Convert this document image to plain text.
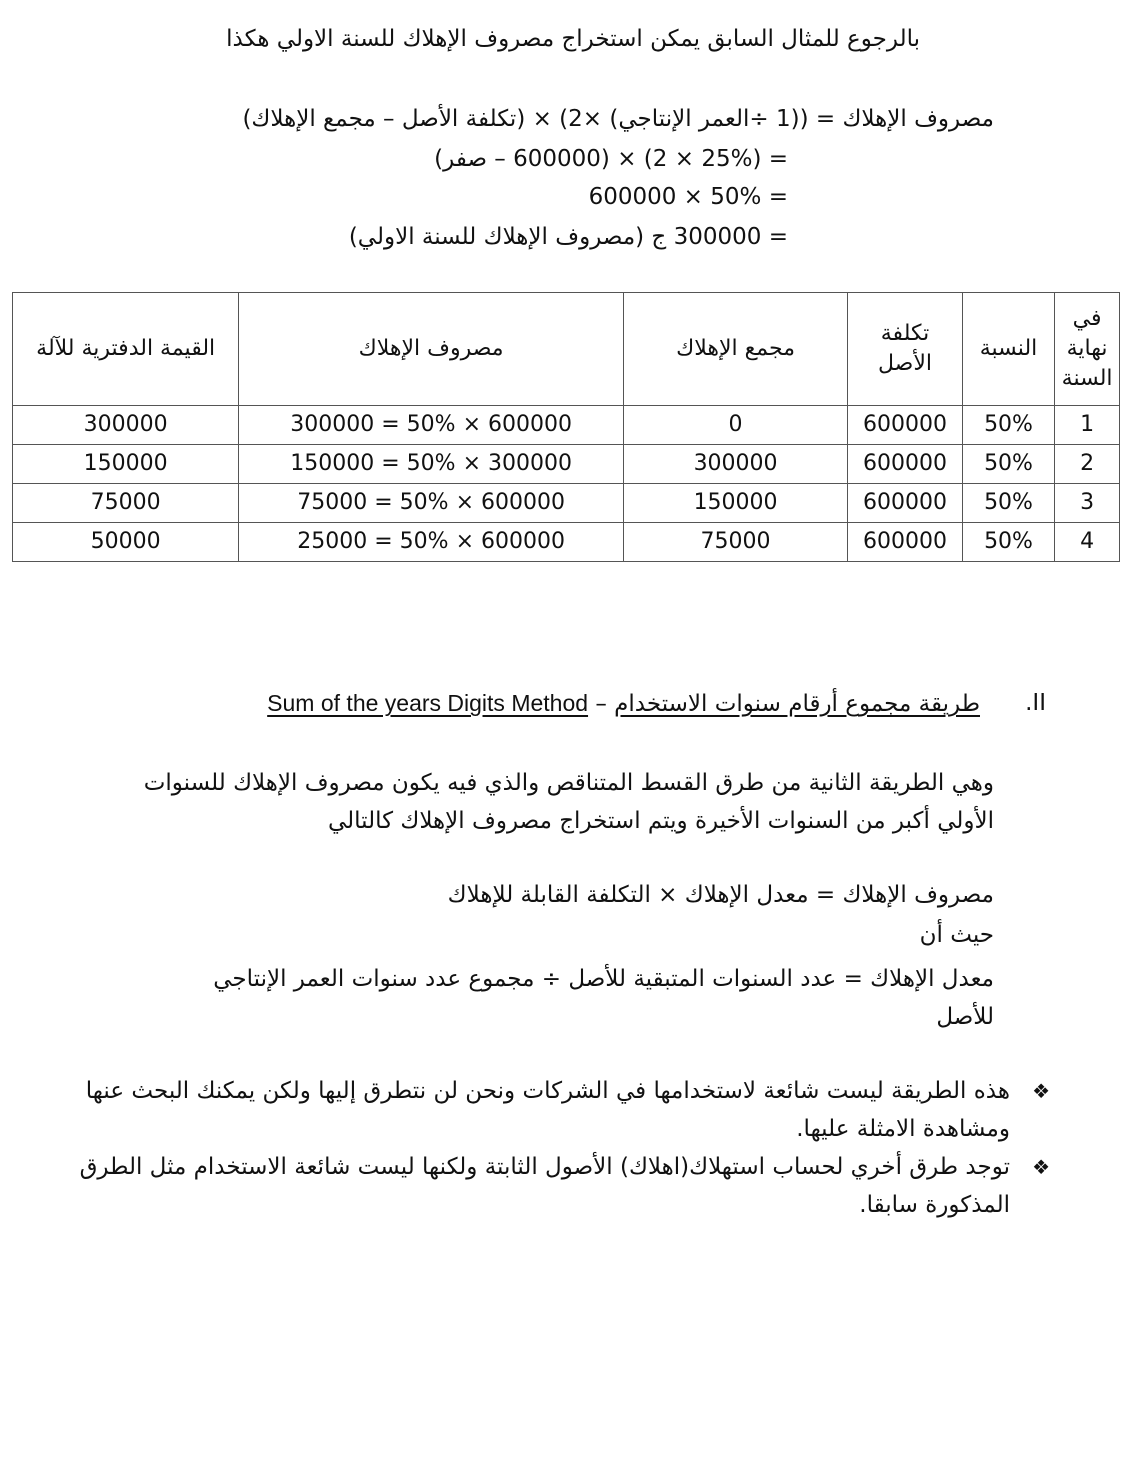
بالرجوع للمثال السابق يمكن استخراج مصروف الإهلاك للسنة الاولي هكذا
مصروف الإهلاك = ((1 ÷العمر الإنتاجي) ×2) × (تكلفة الأصل – مجمع الإهلاك)
= (25% × 2) × (600000 – صفر)
= 50% × 600000
= 300000 ج (مصروف الإهلاك للسنة الاولي)
في نهاية السنة	النسبة	تكلفة الأصل	مجمع الإهلاك	مصروف الإهلاك	القيمة الدفترية للآلة
1	50%	600000	0	600000 × 50% = 300000	300000
2	50%	600000	300000	300000 × 50% = 150000	150000
3	50%	600000	150000	600000 × 50% = 75000	75000
4	50%	600000	75000	600000 × 50% = 25000	50000
II.
طريقة مجموع أرقام سنوات الاستخدام – Sum of the years Digits Method
وهي الطريقة الثانية من طرق القسط المتناقص والذي فيه يكون مصروف الإهلاك للسنوات الأولي أكبر من السنوات الأخيرة ويتم استخراج مصروف الإهلاك كالتالي
مصروف الإهلاك = معدل الإهلاك × التكلفة القابلة للإهلاك
حيث أن
معدل الإهلاك = عدد السنوات المتبقية للأصل ÷ مجموع عدد سنوات العمر الإنتاجي للأصل
❖
هذه الطريقة ليست شائعة لاستخدامها في الشركات ونحن لن نتطرق إليها ولكن يمكنك البحث عنها ومشاهدة الامثلة عليها.
❖
توجد طرق أخري لحساب استهلاك(اهلاك) الأصول الثابتة ولكنها ليست شائعة الاستخدام مثل الطرق المذكورة سابقا.
